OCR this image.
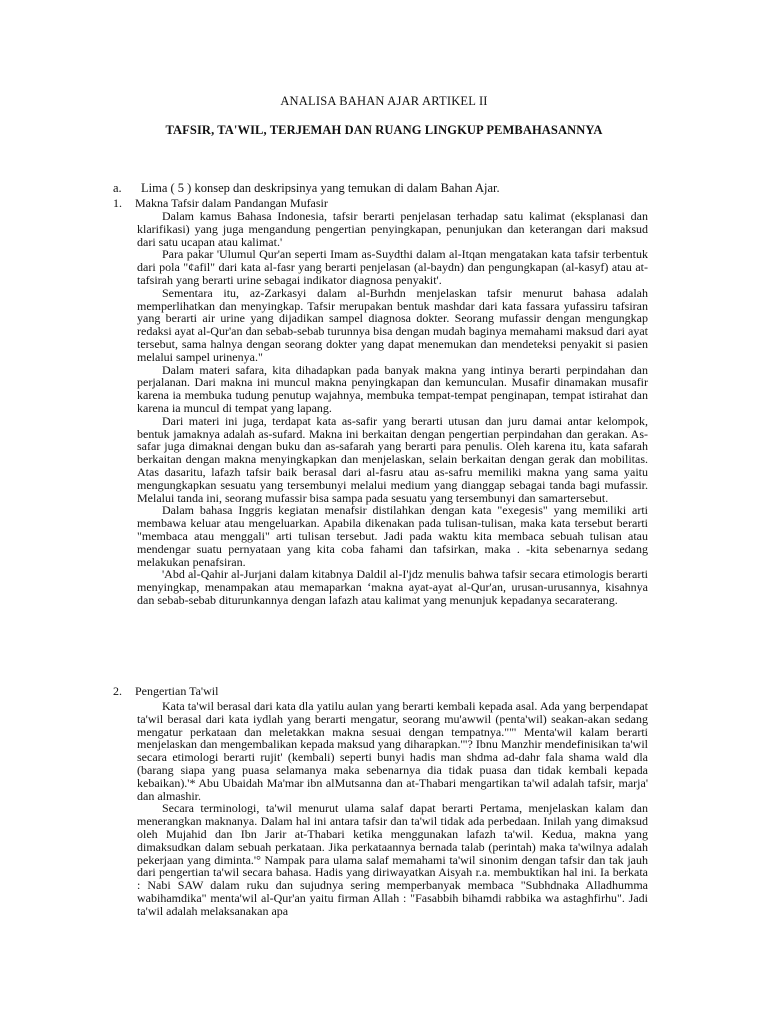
ANALISA BAHAN AJAR ARTIKEL II
TAFSIR, TA'WIL, TERJEMAH DAN RUANG LINGKUP PEMBAHASANNYA
a. Lima ( 5 ) konsep dan deskripsinya yang temukan di dalam Bahan Ajar.
1. Makna Tafsir dalam Pandangan Mufasir

Dalam kamus Bahasa Indonesia, tafsir berarti penjelasan terhadap satu kalimat (eksplanasi dan klarifikasi) yang juga mengandung pengertian penyingkapan, penunjukan dan keterangan dari maksud dari satu ucapan atau kalimat.'

Para pakar 'Ulumul Qur'an seperti Imam as-Suydthi dalam al-Itqan mengatakan kata tafsir terbentuk dari pola "¢afil" dari kata al-fasr yang berarti penjelasan (al-baydn) dan pengungkapan (al-kasyf) atau at-tafsirah yang berarti urine sebagai indikator diagnosa penyakit'.

Sementara itu, az-Zarkasyi dalam al-Burhdn menjelaskan tafsir menurut bahasa adalah memperlihatkan dan menyingkap. Tafsir merupakan bentuk mashdar dari kata fassara yufassiru tafsiran yang berarti air urine yang dijadikan sampel diagnosa dokter. Seorang mufassir dengan mengungkap redaksi ayat al-Qur'an dan sebab-sebab turunnya bisa dengan mudah baginya memahami maksud dari ayat tersebut, sama halnya dengan seorang dokter yang dapat menemukan dan mendeteksi penyakit si pasien melalui sampel urinenya."

Dalam materi safara, kita dihadapkan pada banyak makna yang intinya berarti perpindahan dan perjalanan. Dari makna ini muncul makna penyingkapan dan kemunculan. Musafir dinamakan musafir karena ia membuka tudung penutup wajahnya, membuka tempat-tempat penginapan, tempat istirahat dan karena ia muncul di tempat yang lapang.

Dari materi ini juga, terdapat kata as-safir yang berarti utusan dan juru damai antar kelompok, bentuk jamaknya adalah as-sufard. Makna ini berkaitan dengan pengertian perpindahan dan gerakan. As-safar juga dimaknai dengan buku dan as-safarah yang berarti para penulis. Oleh karena itu, kata safarah berkaitan dengan makna menyingkapkan dan menjelaskan, selain berkaitan dengan gerak dan mobilitas. Atas dasaritu, lafazh tafsir baik berasal dari al-fasru atau as-safru memiliki makna yang sama yaitu mengungkapkan sesuatu yang tersembunyi melalui medium yang dianggap sebagai tanda bagi mufassir. Melalui tanda ini, seorang mufassir bisa sampa pada sesuatu yang tersembunyi dan samartersebut.

Dalam bahasa Inggris kegiatan menafsir distilahkan dengan kata "exegesis" yang memiliki arti membawa keluar atau mengeluarkan. Apabila dikenakan pada tulisan-tulisan, maka kata tersebut berarti "membaca atau menggali" arti tulisan tersebut. Jadi pada waktu kita membaca sebuah tulisan atau mendengar suatu pernyataan yang kita coba fahami dan tafsirkan, maka . -kita sebenarnya sedang melakukan penafsiran.

'Abd al-Qahir al-Jurjani dalam kitabnya Daldil al-I'jdz menulis bahwa tafsir secara etimologis berarti menyingkap, menampakan atau memaparkan ‘makna ayat-ayat al-Qur'an, urusan-urusannya, kisahnya dan sebab-sebab diturunkannya dengan lafazh atau kalimat yang menunjuk kepadanya secaraterang.

2. Pengertian Ta'wil

Kata ta'wil berasal dari kata dla yatilu aulan yang berarti kembali kepada asal. Ada yang berpendapat ta'wil berasal dari kata iydlah yang berarti mengatur, seorang mu'awwil (penta'wil) seakan-akan sedang mengatur perkataan dan meletakkan makna sesuai dengan tempatnya.""' Menta'wil kalam berarti menjelaskan dan mengembalikan kepada maksud yang diharapkan.'"? Ibnu Manzhir mendefinisikan ta'wil secara etimologi berarti rujit' (kembali) seperti bunyi hadis man shdma ad-dahr fala shama wald dla (barang siapa yang puasa selamanya maka sebenarnya dia tidak puasa dan tidak kembali kepada kebaikan).'* Abu Ubaidah Ma'mar ibn alMutsanna dan at-Thabari mengartikan ta'wil adalah tafsir, marja' dan almashir.

Secara terminologi, ta'wil menurut ulama salaf dapat berarti Pertama, menjelaskan kalam dan menerangkan maknanya. Dalam hal ini antara tafsir dan ta'wil tidak ada perbedaan. Inilah yang dimaksud oleh Mujahid dan Ibn Jarir at-Thabari ketika menggunakan lafazh ta'wil. Kedua, makna yang dimaksudkan dalam sebuah perkataan. Jika perkataannya bernada talab (perintah) maka ta'wilnya adalah pekerjaan yang diminta.'° Nampak para ulama salaf memahami ta'wil sinonim dengan tafsir dan tak jauh dari pengertian ta'wil secara bahasa. Hadis yang diriwayatkan Aisyah r.a. membuktikan hal ini. Ia berkata : Nabi SAW dalam ruku dan sujudnya sering memperbanyak membaca "Subhdnaka Alladhumma wabihamdika" menta'wil al-Qur'an yaitu firman Allah : "Fasabbih bihamdi rabbika wa astaghfirhu". Jadi ta'wil adalah melaksanakan apa
